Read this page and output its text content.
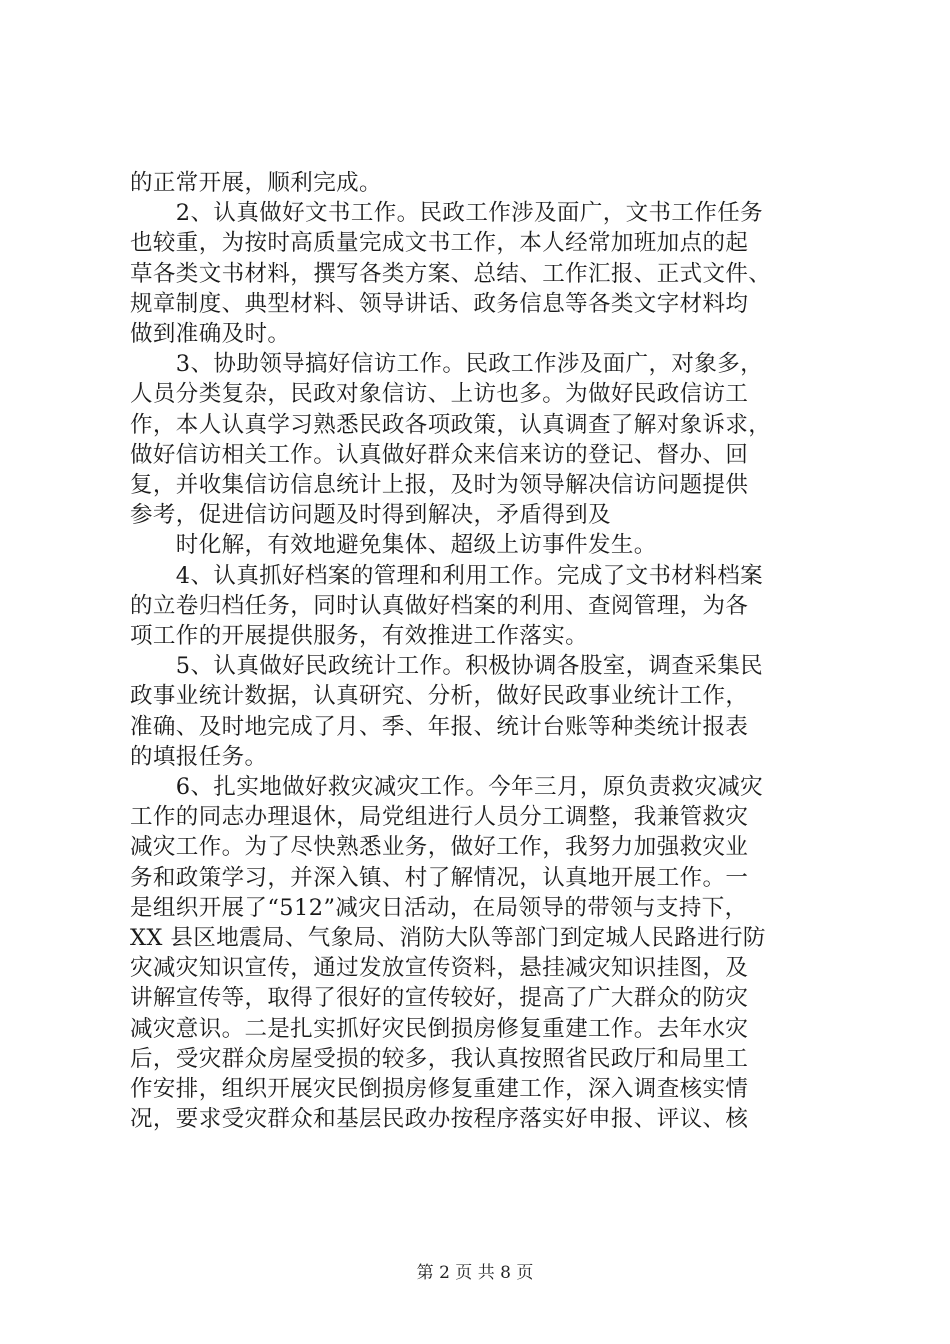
的正常开展，顺利完成。
　　2、认真做好文书工作。民政工作涉及面广，文书工作任务
也较重，为按时高质量完成文书工作，本人经常加班加点的起
草各类文书材料，撰写各类方案、总结、工作汇报、正式文件、
规章制度、典型材料、领导讲话、政务信息等各类文字材料均
做到准确及时。
　　3、协助领导搞好信访工作。民政工作涉及面广，对象多，
人员分类复杂，民政对象信访、上访也多。为做好民政信访工
作，本人认真学习熟悉民政各项政策，认真调查了解对象诉求，
做好信访相关工作。认真做好群众来信来访的登记、督办、回
复，并收集信访信息统计上报，及时为领导解决信访问题提供
参考，促进信访问题及时得到解决，矛盾得到及
　　时化解，有效地避免集体、超级上访事件发生。
　　4、认真抓好档案的管理和利用工作。完成了文书材料档案
的立卷归档任务，同时认真做好档案的利用、查阅管理，为各
项工作的开展提供服务，有效推进工作落实。
　　5、认真做好民政统计工作。积极协调各股室，调查采集民
政事业统计数据，认真研究、分析，做好民政事业统计工作，
准确、及时地完成了月、季、年报、统计台账等种类统计报表
的填报任务。
　　6、扎实地做好救灾减灾工作。今年三月，原负责救灾减灾
工作的同志办理退休，局党组进行人员分工调整，我兼管救灾
减灾工作。为了尽快熟悉业务，做好工作，我努力加强救灾业
务和政策学习，并深入镇、村了解情况，认真地开展工作。一
是组织开展了“512”减灾日活动，在局领导的带领与支持下，
XX 县区地震局、气象局、消防大队等部门到定城人民路进行防
灾减灾知识宣传，通过发放宣传资料，悬挂减灾知识挂图，及
讲解宣传等，取得了很好的宣传较好，提高了广大群众的防灾
减灾意识。二是扎实抓好灾民倒损房修复重建工作。去年水灾
后，受灾群众房屋受损的较多，我认真按照省民政厅和局里工
作安排，组织开展灾民倒损房修复重建工作，深入调查核实情
况，要求受灾群众和基层民政办按程序落实好申报、评议、核
第 2 页 共 8 页
